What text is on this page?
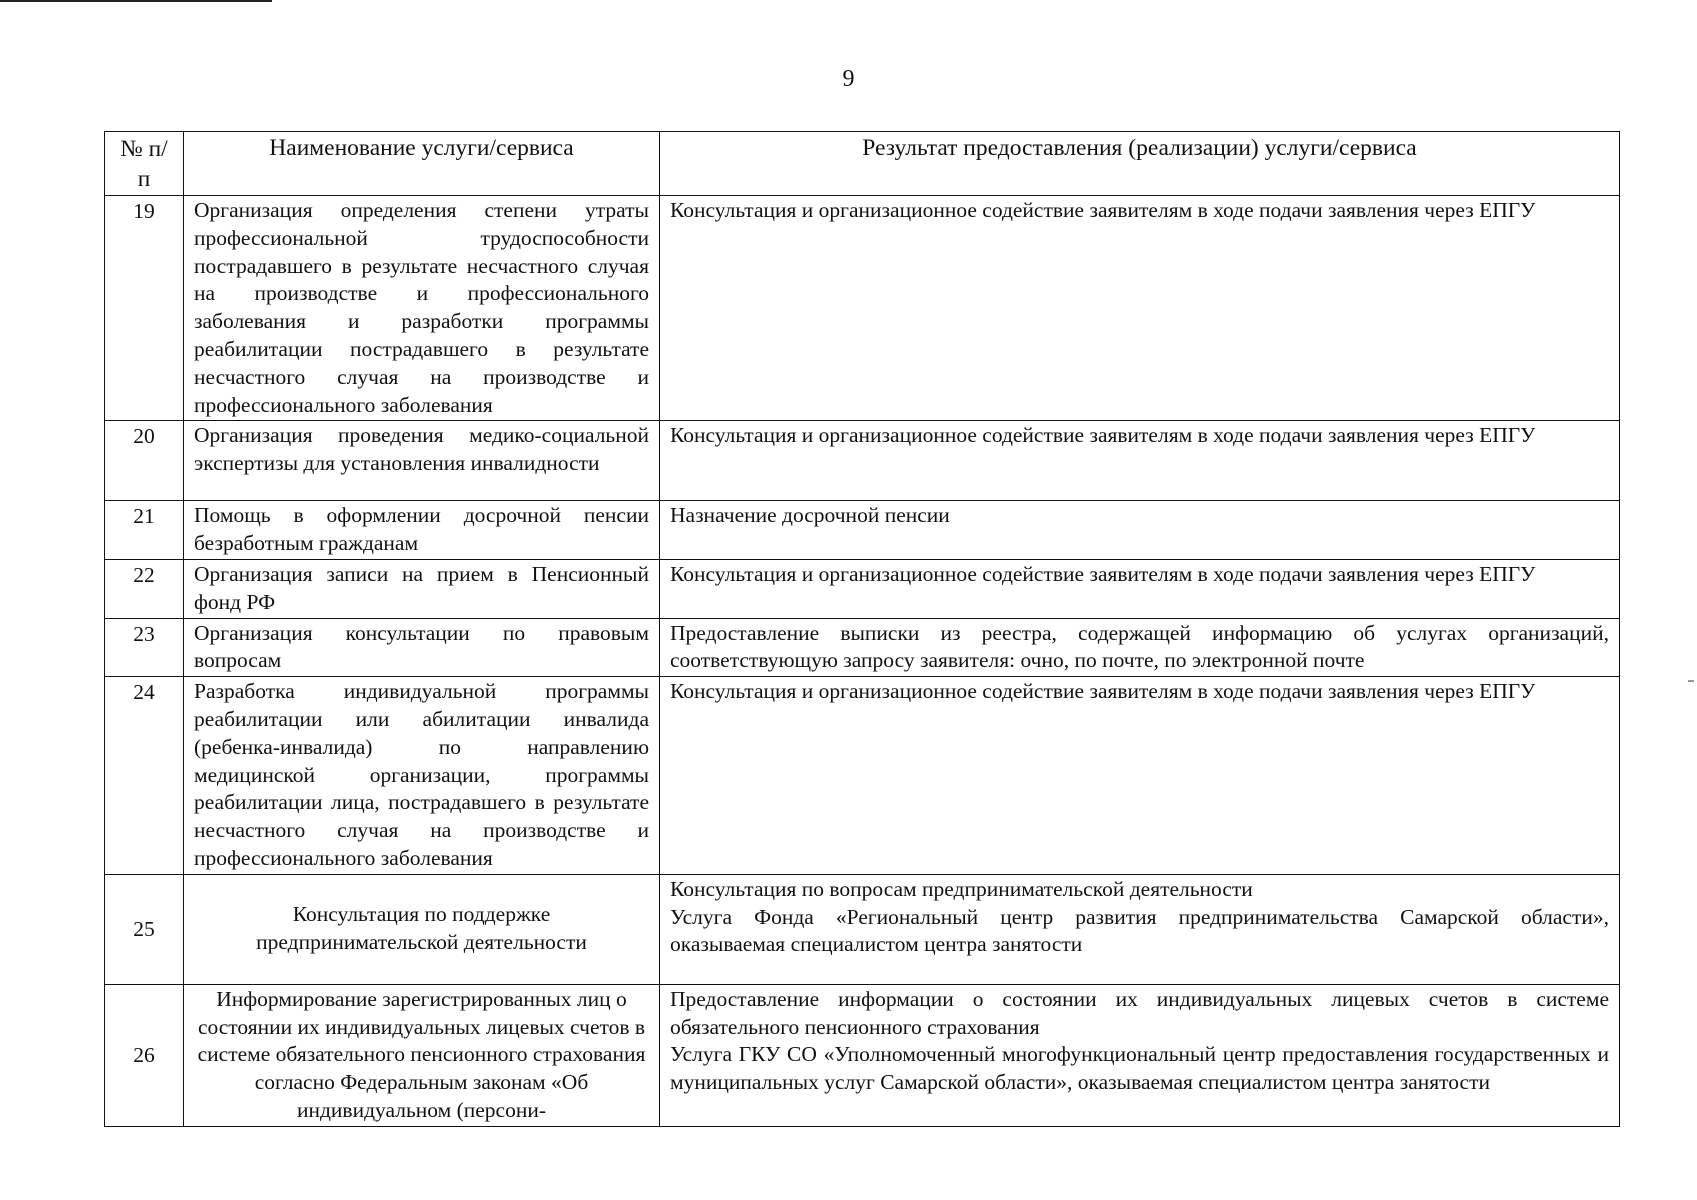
9
№ п/п	Наименование услуги/сервиса	Результат предоставления (реализации) услуги/сервиса
19	Организация определения степени утраты профессиональной трудоспособности пострадавшего в результате несчастного случая на производстве и профессионального заболевания и разработки программы реабилитации пострадавшего в результате несчастного случая на производстве и профессионального заболевания	Консультация и организационное содействие заявителям в ходе подачи заявления через ЕПГУ

20	Организация проведения медико-социальной экспертизы для установления инвалидности	Консультация и организационное содействие заявителям в ходе подачи заявления через ЕПГУ

21	Помощь в оформлении досрочной пенсии безработным гражданам	Назначение досрочной пенсии

22	Организация записи на прием в Пенсионный фонд РФ	Консультация и организационное содействие заявителям в ходе подачи заявления через ЕПГУ

23	Организация консультации по правовым вопросам	Предоставление выписки из реестра, содержащей информацию об услугах организаций, соответствующую запросу заявителя: очно, по почте, по электронной почте

24	Разработка индивидуальной программы реабилитации или абилитации инвалида (ребенка-инвалида) по направлению медицинской организации, программы реабилитации лица, пострадавшего в результате несчастного случая на производстве и профессионального заболевания	Консультация и организационное содействие заявителям в ходе подачи заявления через ЕПГУ

25	Консультация по поддержке предпринимательской деятельности	Консультация по вопросам предпринимательской деятельности
Услуга Фонда «Региональный центр развития предпринимательства Самарской области», оказываемая специалистом центра занятости

26	Информирование зарегистрированных лиц о состоянии их индивидуальных лицевых счетов в системе обязательного пенсионного страхования согласно Федеральным законам «Об индивидуальном (персони-	Предоставление информации о состоянии их индивидуальных лицевых счетов в системе обязательного пенсионного страхования
Услуга ГКУ СО «Уполномоченный многофункциональный центр предоставления государственных и муниципальных услуг Самарской области», оказываемая специалистом центра занятости
